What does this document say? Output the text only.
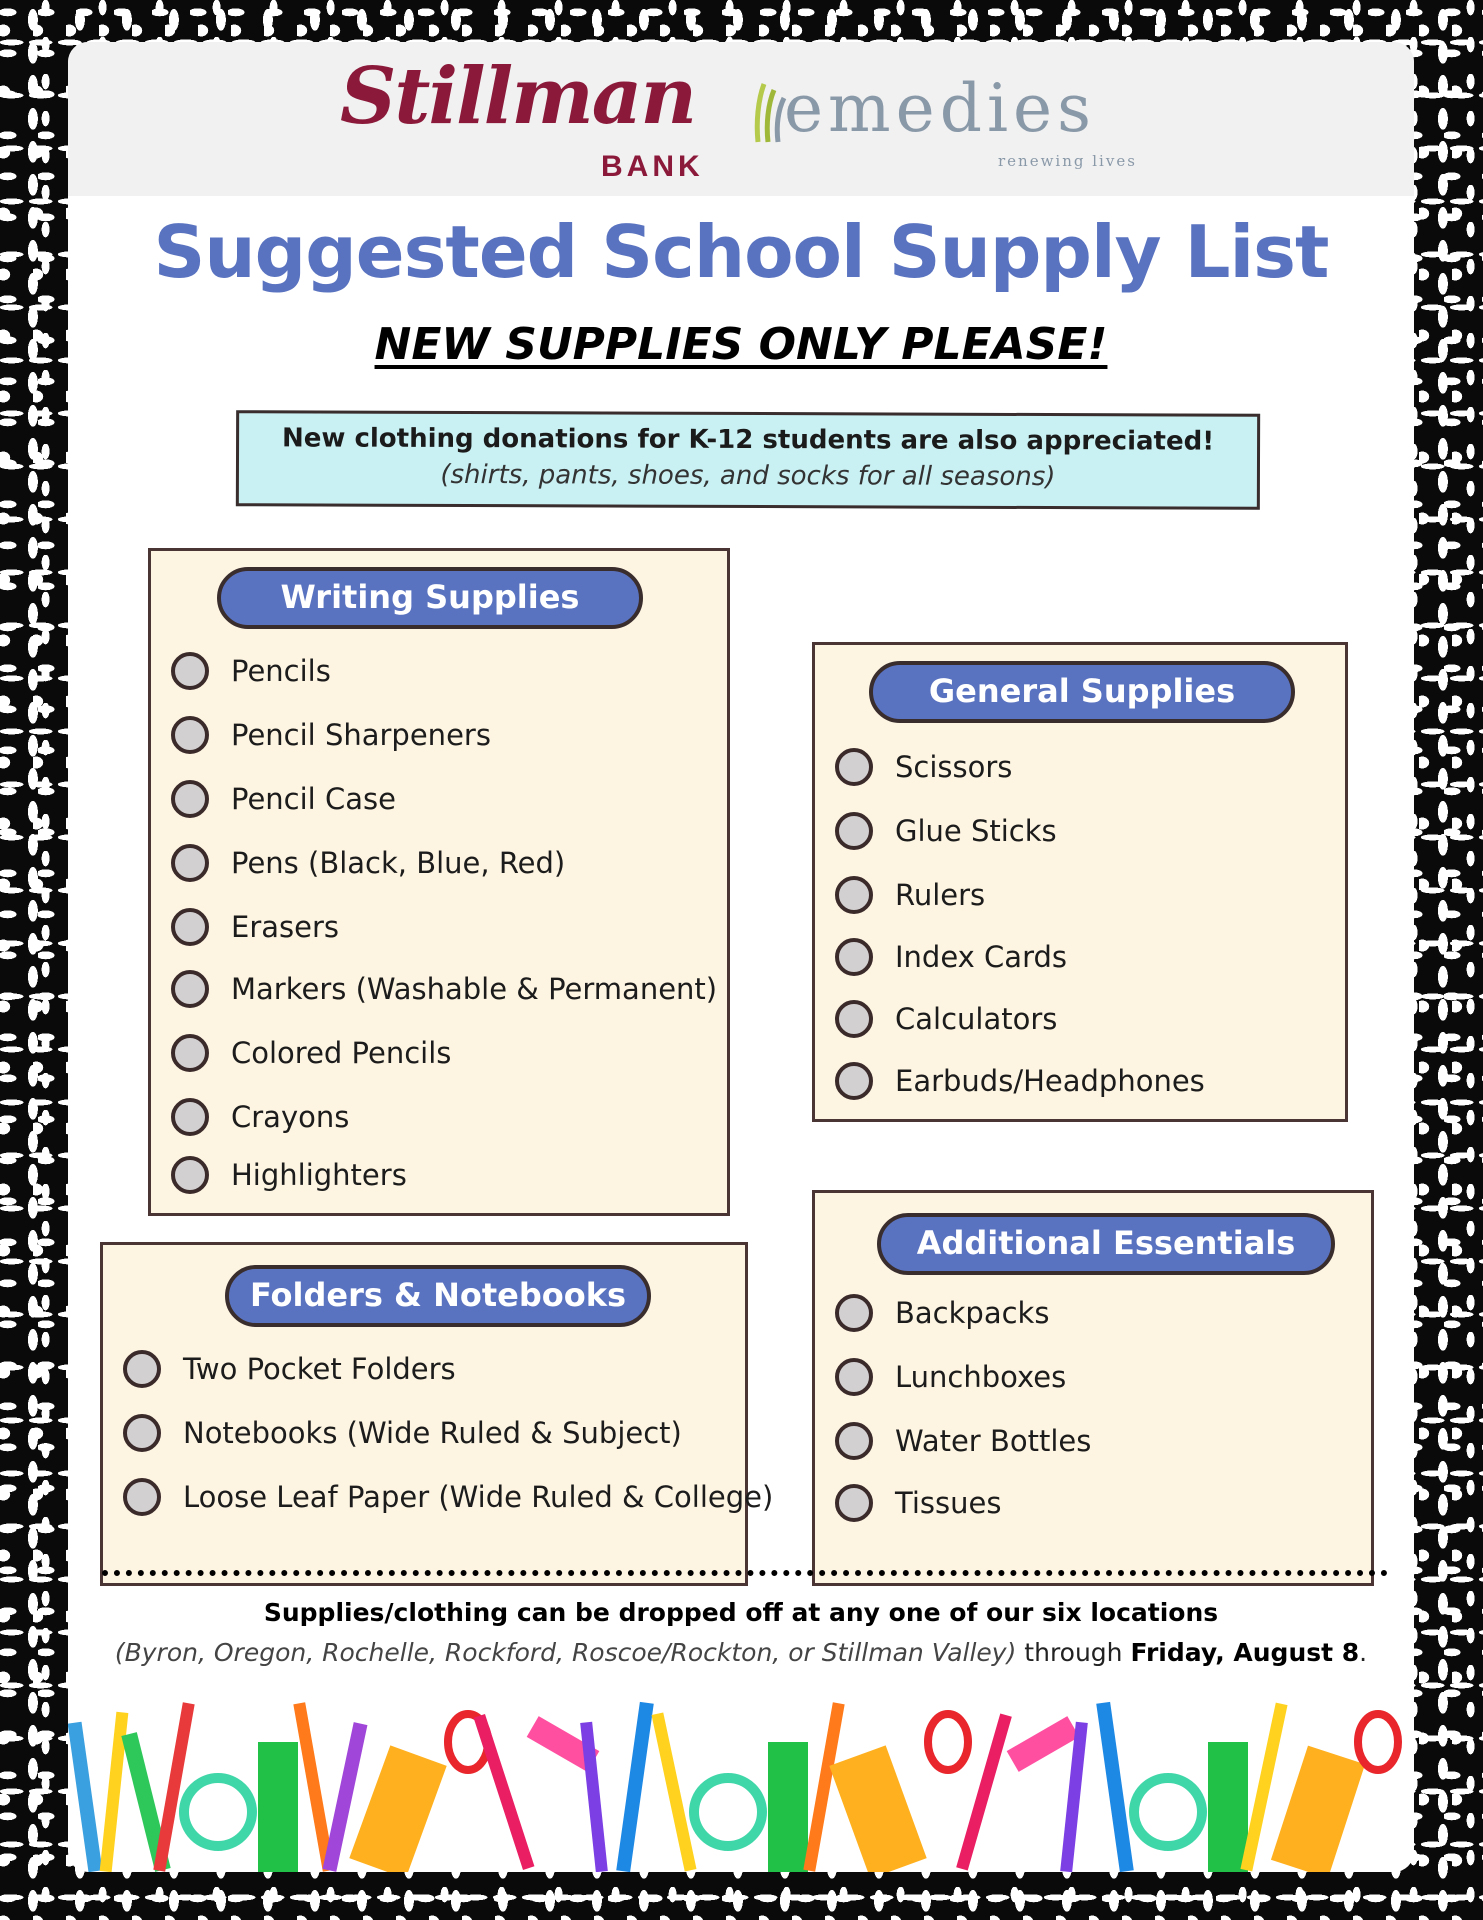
Stillman
BANK
emedies
renewing lives
Suggested School Supply List
NEW SUPPLIES ONLY PLEASE!
New clothing donations for K-12 students are also appreciated!
(shirts, pants, shoes, and socks for all seasons)
Writing Supplies
Pencils
Pencil Sharpeners
Pencil Case
Pens (Black, Blue, Red)
Erasers
Markers (Washable & Permanent)
Colored Pencils
Crayons
Highlighters
General Supplies
Scissors
Glue Sticks
Rulers
Index Cards
Calculators
Earbuds/Headphones
Folders & Notebooks
Two Pocket Folders
Notebooks (Wide Ruled & Subject)
Loose Leaf Paper (Wide Ruled & College)
Additional Essentials
Backpacks
Lunchboxes
Water Bottles
Tissues
Supplies/clothing can be dropped off at any one of our six locations
(Byron, Oregon, Rochelle, Rockford, Roscoe/Rockton, or Stillman Valley) through Friday, August 8.
